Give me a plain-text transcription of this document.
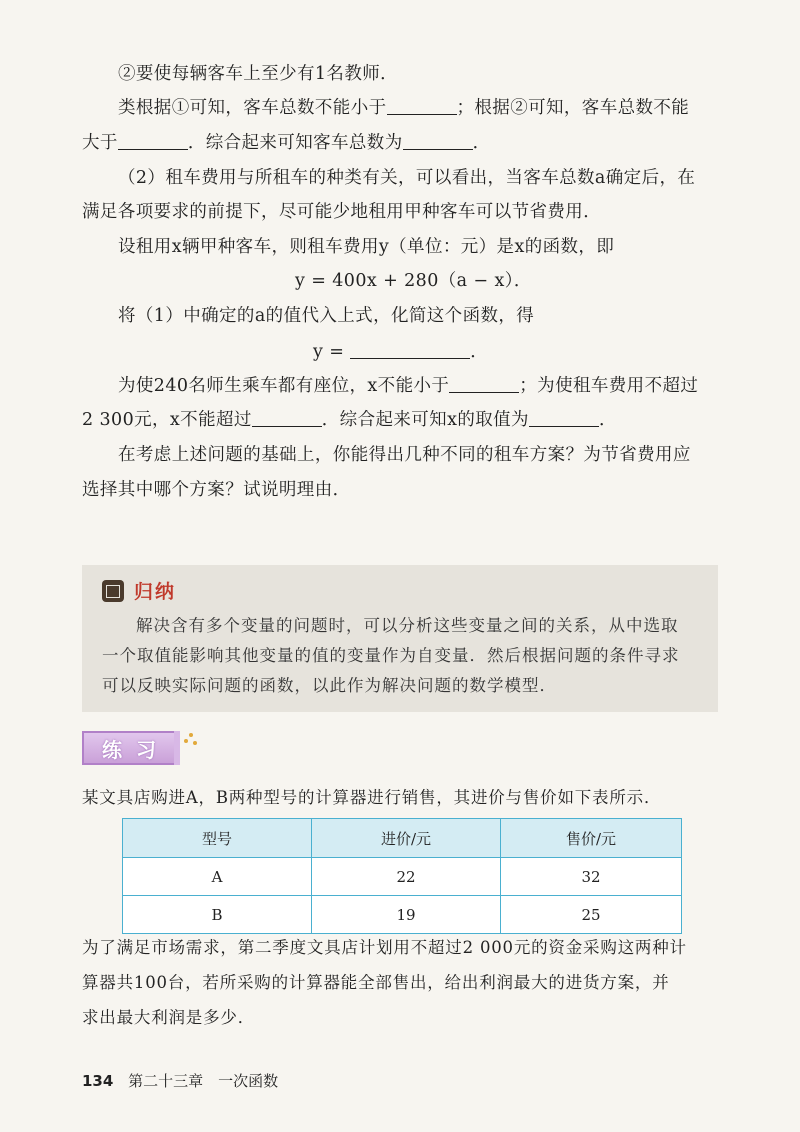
②要使每辆客车上至少有1名教师．
类根据①可知，客车总数不能小于	；根据②可知，客车总数不能
大于	．综合起来可知客车总数为	．
（2）租车费用与所租车的种类有关，可以看出，当客车总数a确定后，在
满足各项要求的前提下，尽可能少地租用甲种客车可以节省费用．
设租用x辆甲种客车，则租车费用y（单位：元）是x的函数，即
y = 400x + 280（a − x）．
将（1）中确定的a的值代入上式，化简这个函数，得
y =	．
为使240名师生乘车都有座位，x不能小于	；为使租车费用不超过
2 300元，x不能超过	．综合起来可知x的取值为	．
在考虑上述问题的基础上，你能得出几种不同的租车方案？为节省费用应
选择其中哪个方案？试说明理由．
归纳
解决含有多个变量的问题时，可以分析这些变量之间的关系，从中选取
一个取值能影响其他变量的值的变量作为自变量．然后根据问题的条件寻求
可以反映实际问题的函数，以此作为解决问题的数学模型．
练习
某文具店购进A，B两种型号的计算器进行销售，其进价与售价如下表所示．
型号	进价/元	售价/元
A	22	32
B	19	25
为了满足市场需求，第二季度文具店计划用不超过2 000元的资金采购这两种计
算器共100台，若所采购的计算器能全部售出，给出利润最大的进货方案，并
求出最大利润是多少．
134 第二十三章　一次函数
